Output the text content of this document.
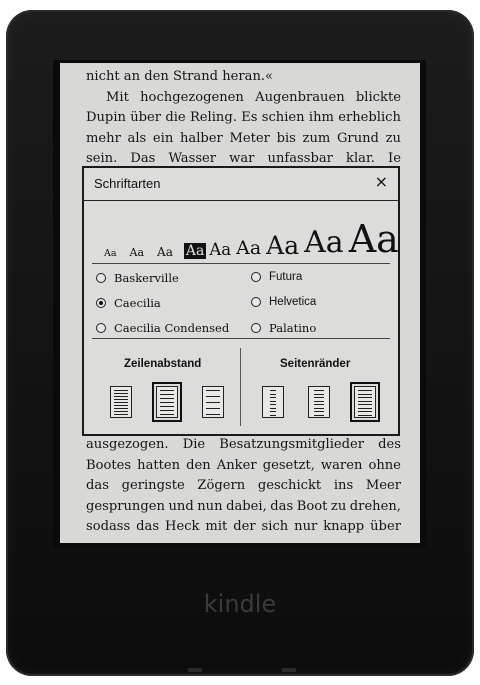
nicht an den Strand heran.«
Mit hochgezogenen Augenbrauen blickte
Dupin über die Reling. Es schien ihm erheblich
mehr als ein halber Meter bis zum Grund zu
sein. Das Wasser war unfassbar klar. Ie
Schriftarten	×
Aa Aa Aa Aa Aa Aa Aa Aa Aa
Baskerville
Caecilia
Caecilia Condensed
Futura
Helvetica
Palatino
Zeilenabstand	Seitenränder
ausgezogen. Die Besatzungsmitglieder des
Bootes hatten den Anker gesetzt, waren ohne
das geringste Zögern geschickt ins Meer
gesprungen und nun dabei, das Boot zu drehen,
sodass das Heck mit der sich nur knapp über
kindle
